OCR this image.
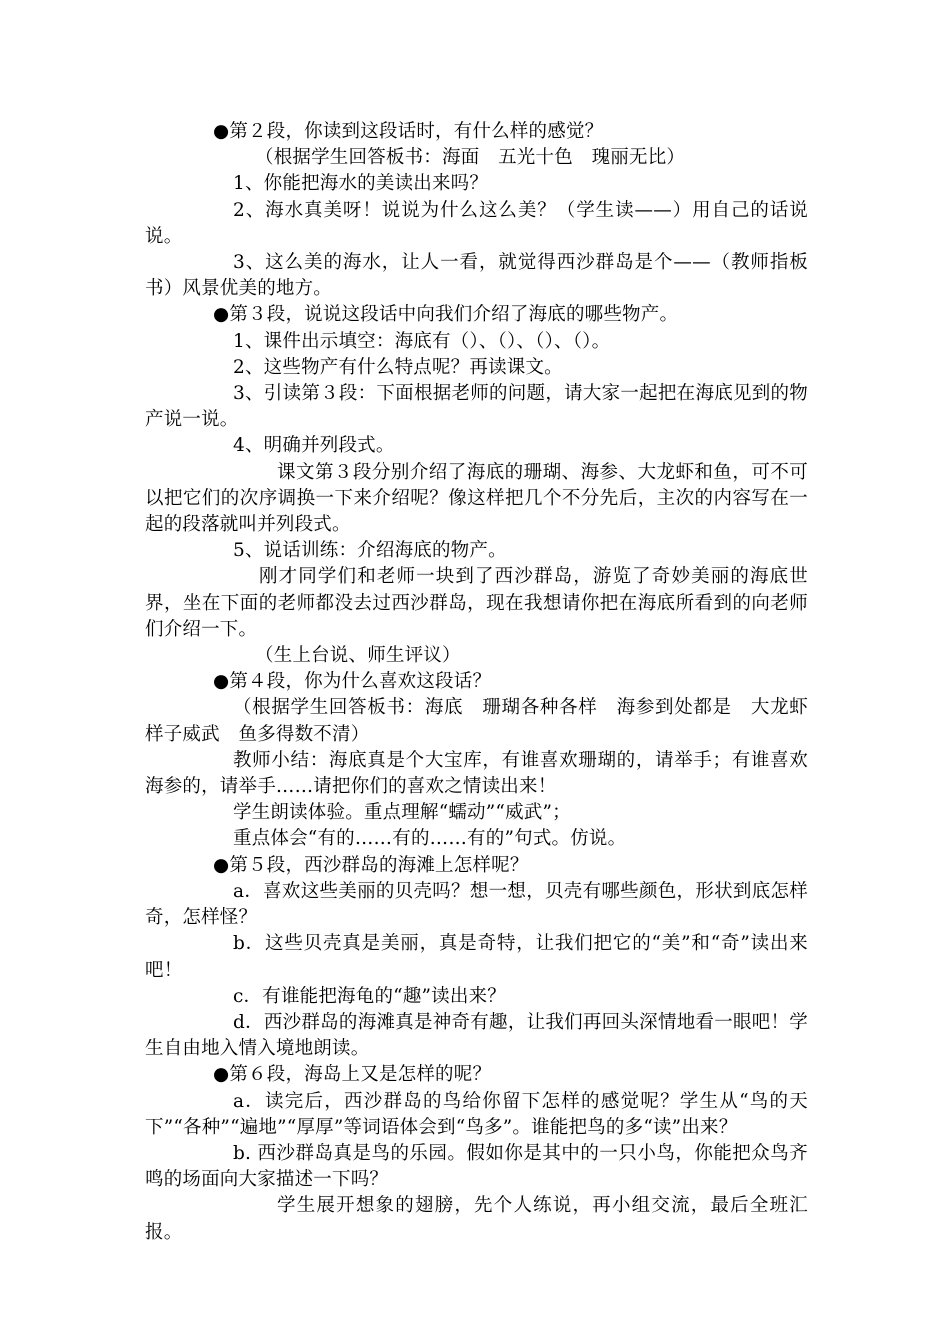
●第２段，你读到这段话时，有什么样的感觉？

（根据学生回答板书：海面　五光十色　瑰丽无比）

1、你能把海水的美读出来吗？

2、海水真美呀！说说为什么这么美？（学生读——）用自己的话说说。

3、这么美的海水，让人一看，就觉得西沙群岛是个——（教师指板书）风景优美的地方。

●第３段，说说这段话中向我们介绍了海底的哪些物产。

1、课件出示填空：海底有（）、（）、（）、（）。

2、这些物产有什么特点呢？再读课文。

3、引读第３段：下面根据老师的问题，请大家一起把在海底见到的物产说一说。

4、明确并列段式。

课文第３段分别介绍了海底的珊瑚、海参、大龙虾和鱼，可不可以把它们的次序调换一下来介绍呢？像这样把几个不分先后，主次的内容写在一起的段落就叫并列段式。

5、说话训练：介绍海底的物产。

刚才同学们和老师一块到了西沙群岛，游览了奇妙美丽的海底世界，坐在下面的老师都没去过西沙群岛，现在我想请你把在海底所看到的向老师们介绍一下。

（生上台说、师生评议）

●第４段，你为什么喜欢这段话？

（根据学生回答板书：海底　珊瑚各种各样　海参到处都是　大龙虾样子威武　鱼多得数不清）

教师小结：海底真是个大宝库，有谁喜欢珊瑚的，请举手；有谁喜欢海参的，请举手……请把你们的喜欢之情读出来！

学生朗读体验。重点理解“蠕动”“威武”；

重点体会“有的……有的……有的”句式。仿说。

●第５段，西沙群岛的海滩上怎样呢？

a．喜欢这些美丽的贝壳吗？想一想，贝壳有哪些颜色，形状到底怎样奇，怎样怪？

b．这些贝壳真是美丽，真是奇特，让我们把它的“美”和“奇”读出来吧！

c．有谁能把海龟的“趣”读出来？

d．西沙群岛的海滩真是神奇有趣，让我们再回头深情地看一眼吧！学生自由地入情入境地朗读。

●第６段，海岛上又是怎样的呢？

a．读完后，西沙群岛的鸟给你留下怎样的感觉呢？学生从“鸟的天下”“各种”“遍地”“厚厚”等词语体会到“鸟多”。谁能把鸟的多“读”出来？

b. 西沙群岛真是鸟的乐园。假如你是其中的一只小鸟，你能把众鸟齐鸣的场面向大家描述一下吗？

学生展开想象的翅膀，先个人练说，再小组交流，最后全班汇报。
